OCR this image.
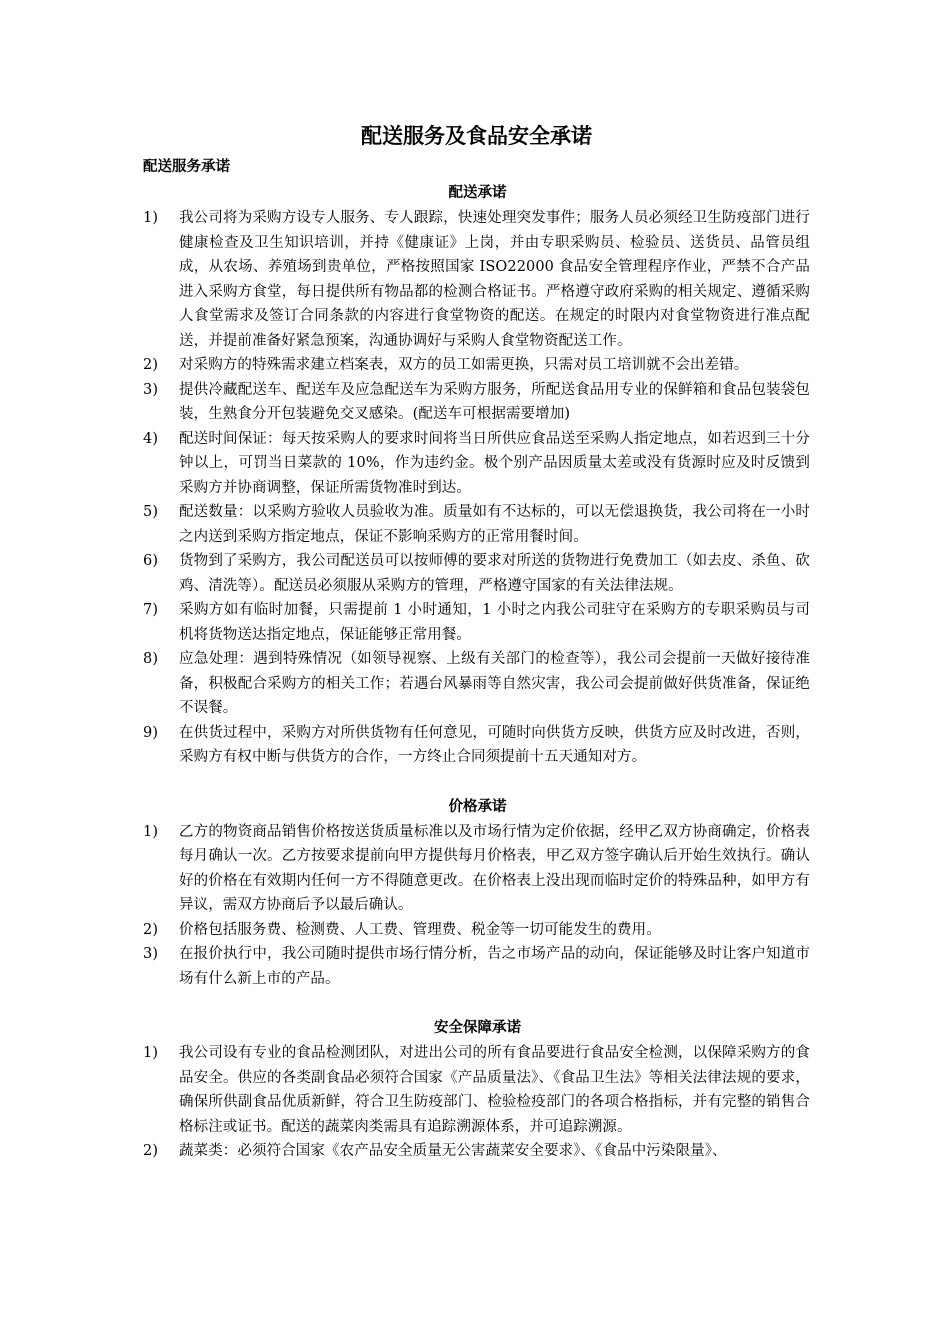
配送服务及食品安全承诺
配送服务承诺
配送承诺
1) 我公司将为采购方设专人服务、专人跟踪，快速处理突发事件；服务人员必须经卫生防疫部门进行健康检查及卫生知识培训，并持《健康证》上岗，并由专职采购员、检验员、送货员、品管员组成，从农场、养殖场到贵单位，严格按照国家 ISO22000 食品安全管理程序作业，严禁不合产品进入采购方食堂，每日提供所有物品都的检测合格证书。严格遵守政府采购的相关规定、遵循采购人食堂需求及签订合同条款的内容进行食堂物资的配送。在规定的时限内对食堂物资进行准点配送，并提前准备好紧急预案，沟通协调好与采购人食堂物资配送工作。
2) 对采购方的特殊需求建立档案表，双方的员工如需更换，只需对员工培训就不会出差错。
3) 提供冷藏配送车、配送车及应急配送车为采购方服务，所配送食品用专业的保鲜箱和食品包装袋包装，生熟食分开包装避免交叉感染。(配送车可根据需要增加)
4) 配送时间保证：每天按采购人的要求时间将当日所供应食品送至采购人指定地点，如若迟到三十分钟以上，可罚当日菜款的 10%，作为违约金。极个别产品因质量太差或没有货源时应及时反馈到采购方并协商调整，保证所需货物准时到达。
5) 配送数量：以采购方验收人员验收为准。质量如有不达标的，可以无偿退换货，我公司将在一小时之内送到采购方指定地点，保证不影响采购方的正常用餐时间。
6) 货物到了采购方，我公司配送员可以按师傅的要求对所送的货物进行免费加工（如去皮、杀鱼、砍鸡、清洗等）。配送员必须服从采购方的管理，严格遵守国家的有关法律法规。
7) 采购方如有临时加餐，只需提前 1 小时通知，1 小时之内我公司驻守在采购方的专职采购员与司机将货物送达指定地点，保证能够正常用餐。
8) 应急处理：遇到特殊情况（如领导视察、上级有关部门的检查等），我公司会提前一天做好接待准备，积极配合采购方的相关工作；若遇台风暴雨等自然灾害，我公司会提前做好供货准备，保证绝不误餐。
9) 在供货过程中，采购方对所供货物有任何意见，可随时向供货方反映，供货方应及时改进，否则，采购方有权中断与供货方的合作，一方终止合同须提前十五天通知对方。
价格承诺
1) 乙方的物资商品销售价格按送货质量标准以及市场行情为定价依据，经甲乙双方协商确定，价格表每月确认一次。乙方按要求提前向甲方提供每月价格表，甲乙双方签字确认后开始生效执行。确认好的价格在有效期内任何一方不得随意更改。在价格表上没出现而临时定价的特殊品种，如甲方有异议，需双方协商后予以最后确认。
2) 价格包括服务费、检测费、人工费、管理费、税金等一切可能发生的费用。
3) 在报价执行中，我公司随时提供市场行情分析，告之市场产品的动向，保证能够及时让客户知道市场有什么新上市的产品。
安全保障承诺
1) 我公司设有专业的食品检测团队，对进出公司的所有食品要进行食品安全检测，以保障采购方的食品安全。供应的各类副食品必须符合国家《产品质量法》、《食品卫生法》等相关法律法规的要求，确保所供副食品优质新鲜，符合卫生防疫部门、检验检疫部门的各项合格指标，并有完整的销售合格标注或证书。配送的蔬菜肉类需具有追踪溯源体系，并可追踪溯源。
2) 蔬菜类：必须符合国家《农产品安全质量无公害蔬菜安全要求》、《食品中污染限量》、
